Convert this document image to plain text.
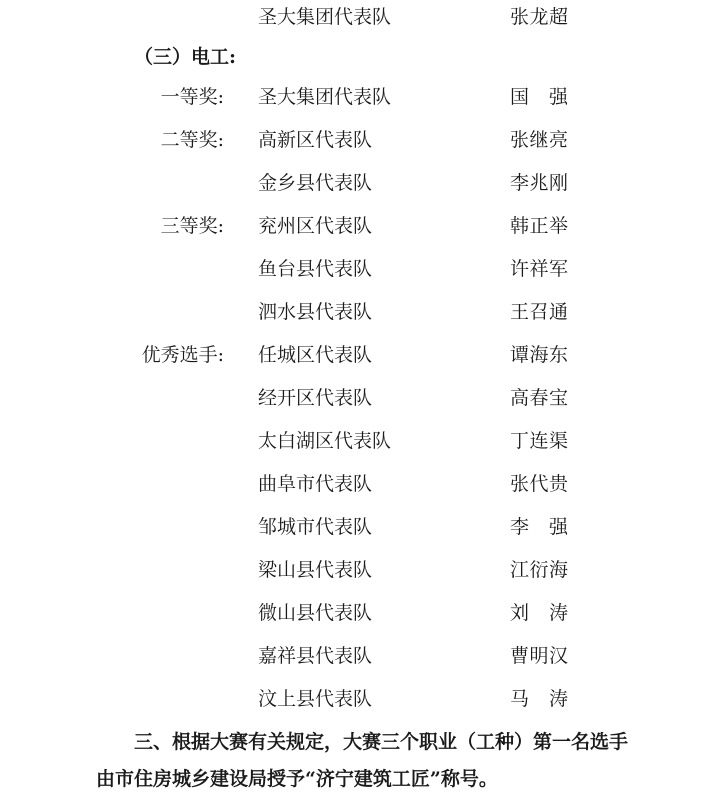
圣大集团代表队	张龙超
（三）电工:
一等奖: 圣大集团代表队	国　强
二等奖: 高新区代表队	张继亮
金乡县代表队	李兆刚
三等奖: 兖州区代表队	韩正举
鱼台县代表队	许祥军
泗水县代表队	王召通
优秀选手: 任城区代表队	谭海东
经开区代表队	高春宝
太白湖区代表队	丁连渠
曲阜市代表队	张代贵
邹城市代表队	李　强
梁山县代表队	江衍海
微山县代表队	刘　涛
嘉祥县代表队	曹明汉
汶上县代表队	马　涛
三、根据大赛有关规定，大赛三个职业（工种）第一名选手
由市住房城乡建设局授予“济宁建筑工匠”称号。
